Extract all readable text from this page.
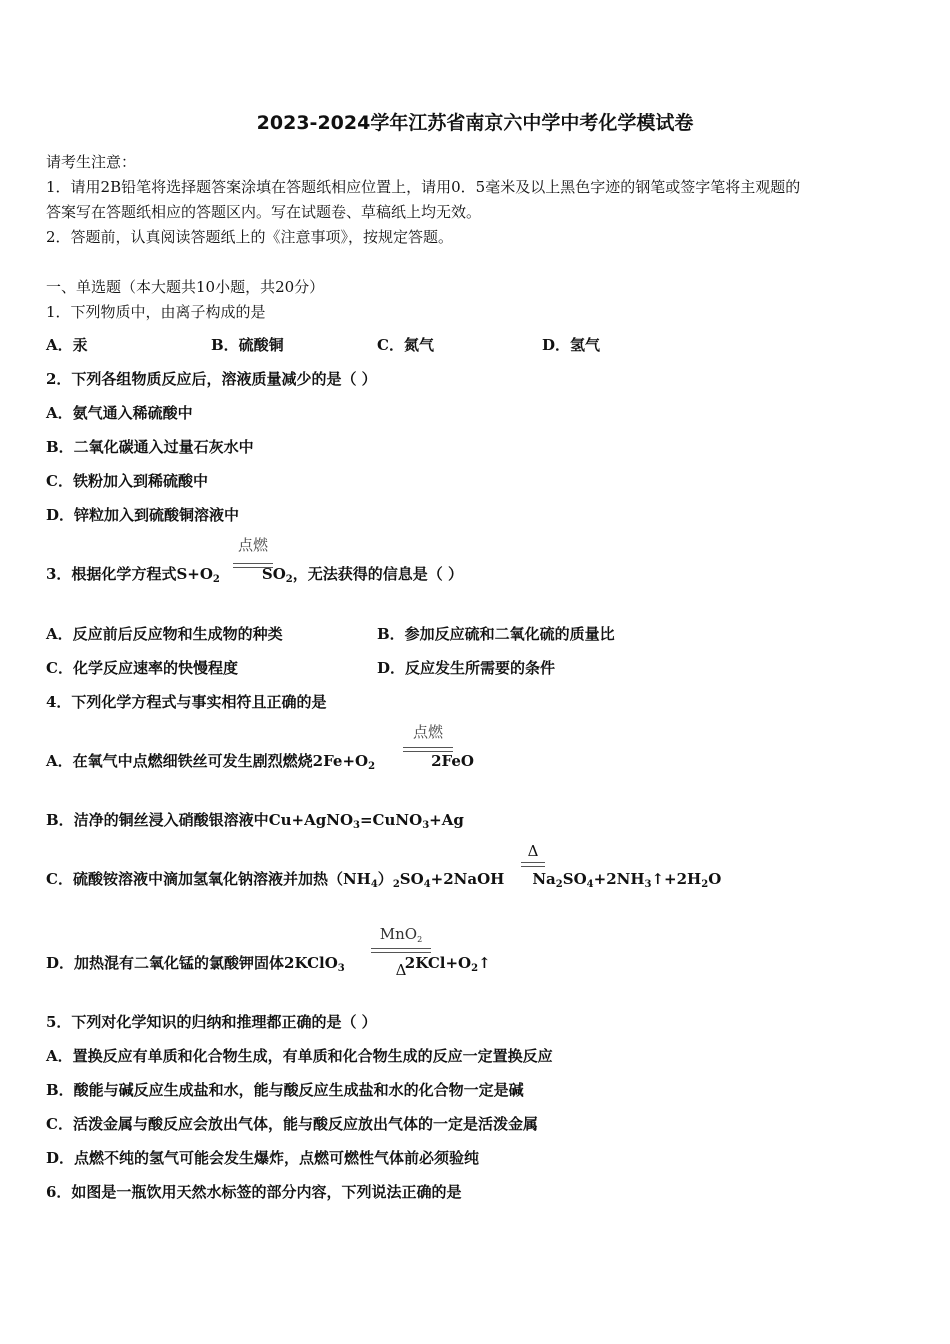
2023-2024学年江苏省南京六中学中考化学模试卷
请考生注意：
1．请用2B铅笔将选择题答案涂填在答题纸相应位置上，请用0．5毫米及以上黑色字迹的钢笔或签字笔将主观题的
答案写在答题纸相应的答题区内。写在试题卷、草稿纸上均无效。
2．答题前，认真阅读答题纸上的《注意事项》，按规定答题。
一、单选题（本大题共10小题，共20分）
1．下列物质中，由离子构成的是
A．汞	B．硫酸铜	C．氮气	D．氢气
2．下列各组物质反应后，溶液质量减少的是（ ）
A．氨气通入稀硫酸中
B．二氧化碳通入过量石灰水中
C．铁粉加入到稀硫酸中
D．锌粒加入到硫酸铜溶液中
3．根据化学方程式$S+O_2$	$SO_2$，无法获得的信息是（ ）
点燃
A．反应前后反应物和生成物的种类	B．参加反应硫和二氧化硫的质量比
C．化学反应速率的快慢程度	D．反应发生所需要的条件
4．下列化学方程式与事实相符且正确的是
A．在氧气中点燃细铁丝可发生剧烈燃烧$2Fe+O_2$	2FeO
点燃
B．洁净的铜丝浸入硝酸银溶液中Cu+AgNO$_3$=CuNO$_3$+Ag
C．硫酸铵溶液中滴加氢氧化钠溶液并加热$(NH_4)_2SO_4+2NaOH$ $Na_2SO_4+2NH_3↑+2H_2O$
Δ
D．加热混有二氧化锰的氯酸钾固体2KClO$_3$	$2KCl+O_2↑$
MnO$_2$
Δ
5．下列对化学知识的归纳和推理都正确的是（ ）
A．置换反应有单质和化合物生成，有单质和化合物生成的反应一定置换反应
B．酸能与碱反应生成盐和水，能与酸反应生成盐和水的化合物一定是碱
C．活泼金属与酸反应会放出气体，能与酸反应放出气体的一定是活泼金属
D．点燃不纯的氢气可能会发生爆炸，点燃可燃性气体前必须验纯
6．如图是一瓶饮用天然水标签的部分内容，下列说法正确的是
